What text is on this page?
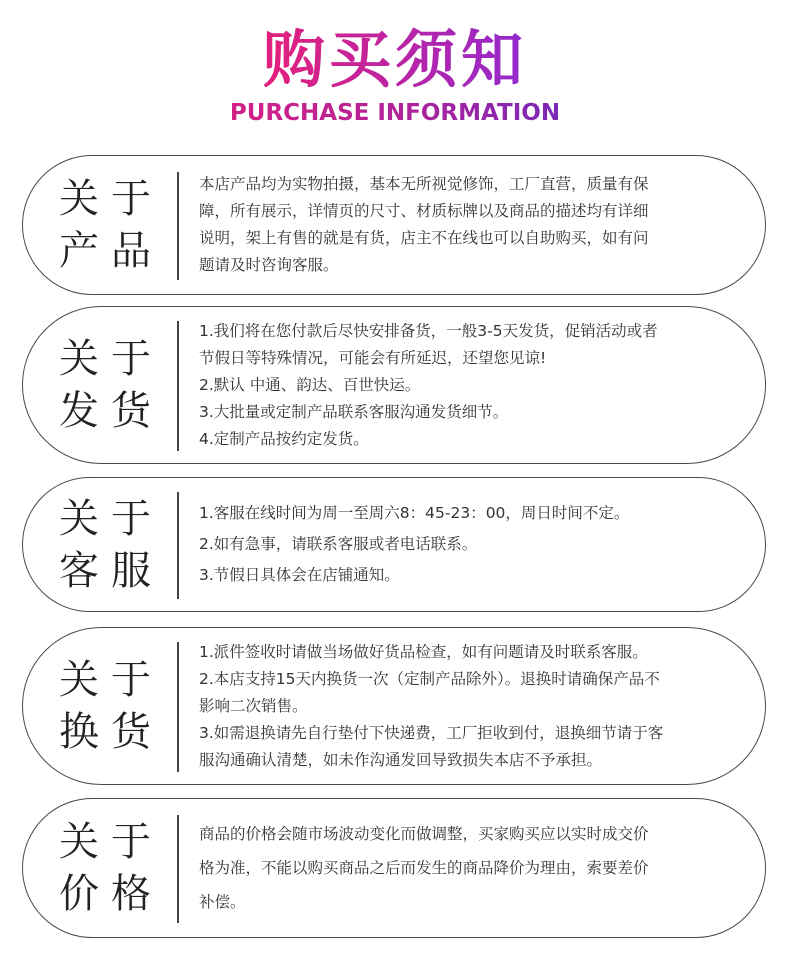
购买须知
PURCHASE INFORMATION
关于
产品

本店产品均为实物拍摄，基本无所视觉修饰，工厂直营，质量有保

障，所有展示，详情页的尺寸、材质标牌以及商品的描述均有详细

说明，架上有售的就是有货，店主不在线也可以自助购买，如有问

题请及时咨询客服。

关于
发货

1.我们将在您付款后尽快安排备货，一般3-5天发货，促销活动或者

节假日等特殊情况，可能会有所延迟，还望您见谅!

2.默认 中通、韵达、百世快运。

3.大批量或定制产品联系客服沟通发货细节。

4.定制产品按约定发货。

关于
客服

1.客服在线时间为周一至周六8：45-23：00，周日时间不定。

2.如有急事，请联系客服或者电话联系。

3.节假日具体会在店铺通知。

关于
换货

1.派件签收时请做当场做好货品检查，如有问题请及时联系客服。

2.本店支持15天内换货一次（定制产品除外）。退换时请确保产品不

影响二次销售。

3.如需退换请先自行垫付下快递费，工厂拒收到付，退换细节请于客

服沟通确认清楚，如未作沟通发回导致损失本店不予承担。

关于
价格

商品的价格会随市场波动变化而做调整，买家购买应以实时成交价

格为准，不能以购买商品之后而发生的商品降价为理由，索要差价

补偿。
